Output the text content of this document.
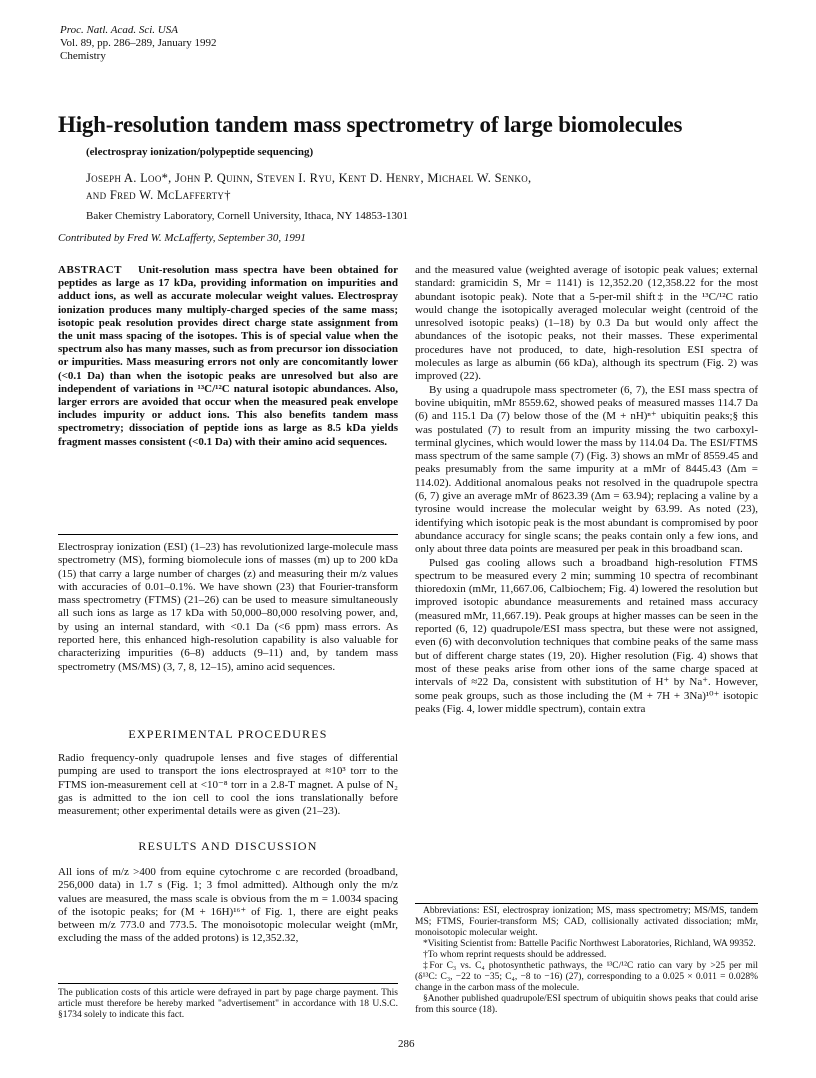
Proc. Natl. Acad. Sci. USA
Vol. 89, pp. 286–289, January 1992
Chemistry
High-resolution tandem mass spectrometry of large biomolecules
(electrospray ionization/polypeptide sequencing)
Joseph A. Loo*, John P. Quinn, Steven I. Ryu, Kent D. Henry, Michael W. Senko,
and Fred W. McLafferty†
Baker Chemistry Laboratory, Cornell University, Ithaca, NY 14853-1301
Contributed by Fred W. McLafferty, September 30, 1991

ABSTRACT Unit-resolution mass spectra have been obtained for peptides as large as 17 kDa, providing information on impurities and adduct ions, as well as accurate molecular weight values. Electrospray ionization produces many multiply-charged species of the same mass; isotopic peak resolution provides direct charge state assignment from the unit mass spacing of the isotopes. This is of special value when the spectrum also has many masses, such as from precursor ion dissociation or impurities. Mass measuring errors not only are concomitantly lower (<0.1 Da) than when the isotopic peaks are unresolved but also are independent of variations in ¹³C/¹²C natural isotopic abundances. Also, larger errors are avoided that occur when the measured peak envelope includes impurity or adduct ions. This also benefits tandem mass spectrometry; dissociation of peptide ions as large as 8.5 kDa yields fragment masses consistent (<0.1 Da) with their amino acid sequences.

Electrospray ionization (ESI) (1–23) has revolutionized large-molecule mass spectrometry (MS), forming biomolecule ions of masses (m) up to 200 kDa (15) that carry a large number of charges (z) and measuring their m/z values with accuracies of 0.01–0.1%. We have shown (23) that Fourier-transform mass spectrometry (FTMS) (21–26) can be used to measure simultaneously all such ions as large as 17 kDa with 50,000–80,000 resolving power, and, by using an internal standard, with <0.1 Da (<6 ppm) mass errors. As reported here, this enhanced high-resolution capability is also valuable for characterizing impurities (6–8) adducts (9–11) and, by tandem mass spectrometry (MS/MS) (3, 7, 8, 12–15), amino acid sequences.

EXPERIMENTAL PROCEDURES

Radio frequency-only quadrupole lenses and five stages of differential pumping are used to transport the ions electrosprayed at ≈10³ torr to the FTMS ion-measurement cell at <10⁻⁸ torr in a 2.8-T magnet. A pulse of N₂ gas is admitted to the ion cell to cool the ions translationally before measurement; other experimental details were as given (21–23).

RESULTS AND DISCUSSION

All ions of m/z >400 from equine cytochrome c are recorded (broadband, 256,000 data) in 1.7 s (Fig. 1; 3 fmol admitted). Although only the m/z values are measured, the mass scale is obvious from the m = 1.0034 spacing of the isotopic peaks; for (M + 16H)¹⁶⁺ of Fig. 1, there are eight peaks between m/z 773.0 and 773.5. The monoisotopic molecular weight (mMr, excluding the mass of the added protons) is 12,352.32,

The publication costs of this article were defrayed in part by page charge payment. This article must therefore be hereby marked "advertisement" in accordance with 18 U.S.C. §1734 solely to indicate this fact.

and the measured value (weighted average of isotopic peak values; external standard: gramicidin S, Mr = 1141) is 12,352.20 (12,358.22 for the most abundant isotopic peak). Note that a 5-per-mil shift‡ in the ¹³C/¹²C ratio would change the isotopically averaged molecular weight (centroid of the unresolved isotopic peaks) (1–18) by 0.3 Da but would only affect the abundances of the isotopic peaks, not their masses. These experimental procedures have not produced, to date, high-resolution ESI spectra of molecules as large as albumin (66 kDa), although its spectrum (Fig. 2) was improved (22).

By using a quadrupole mass spectrometer (6, 7), the ESI mass spectra of bovine ubiquitin, mMr 8559.62, showed peaks of measured masses 114.7 Da (6) and 115.1 Da (7) below those of the (M + nH)ⁿ⁺ ubiquitin peaks;§ this was postulated (7) to result from an impurity missing the two carboxyl-terminal glycines, which would lower the mass by 114.04 Da. The ESI/FTMS mass spectrum of the same sample (7) (Fig. 3) shows an mMr of 8559.45 and peaks presumably from the same impurity at a mMr of 8445.43 (Δm = 114.02). Additional anomalous peaks not resolved in the quadrupole spectra (6, 7) give an average mMr of 8623.39 (Δm = 63.94); replacing a valine by a tyrosine would increase the molecular weight by 63.99. As noted (23), identifying which isotopic peak is the most abundant is compromised by poor abundance accuracy for single scans; the peaks contain only a few ions, and only about three data points are measured per peak in this broadband scan.

Pulsed gas cooling allows such a broadband high-resolution FTMS spectrum to be measured every 2 min; summing 10 spectra of recombinant thioredoxin (mMr, 11,667.06, Calbiochem; Fig. 4) lowered the resolution but improved isotopic abundance measurements and retained mass accuracy (measured mMr, 11,667.19). Peak groups at higher masses can be seen in the reported (6, 12) quadrupole/ESI mass spectra, but these were not assigned, even (6) with deconvolution techniques that combine peaks of the same mass but of different charge states (19, 20). Higher resolution (Fig. 4) shows that most of these peaks arise from other ions of the same charge spaced at intervals of ≈22 Da, consistent with substitution of H⁺ by Na⁺. However, some peak groups, such as those including the (M + 7H + 3Na)¹⁰⁺ isotopic peaks (Fig. 4, lower middle spectrum), contain extra

Abbreviations: ESI, electrospray ionization; MS, mass spectrometry; MS/MS, tandem MS; FTMS, Fourier-transform MS; CAD, collisionally activated dissociation; mMr, monoisotopic molecular weight.

*Visiting Scientist from: Battelle Pacific Northwest Laboratories, Richland, WA 99352.

†To whom reprint requests should be addressed.

‡For C₃ vs. C₄ photosynthetic pathways, the ¹³C/¹²C ratio can vary by >25 per mil (δ¹³C: C₃, −22 to −35; C₄, −8 to −16) (27), corresponding to a 0.025 × 0.011 = 0.028% change in the carbon mass of the molecule.

§Another published quadrupole/ESI spectrum of ubiquitin shows peaks that could arise from this source (18).

286
